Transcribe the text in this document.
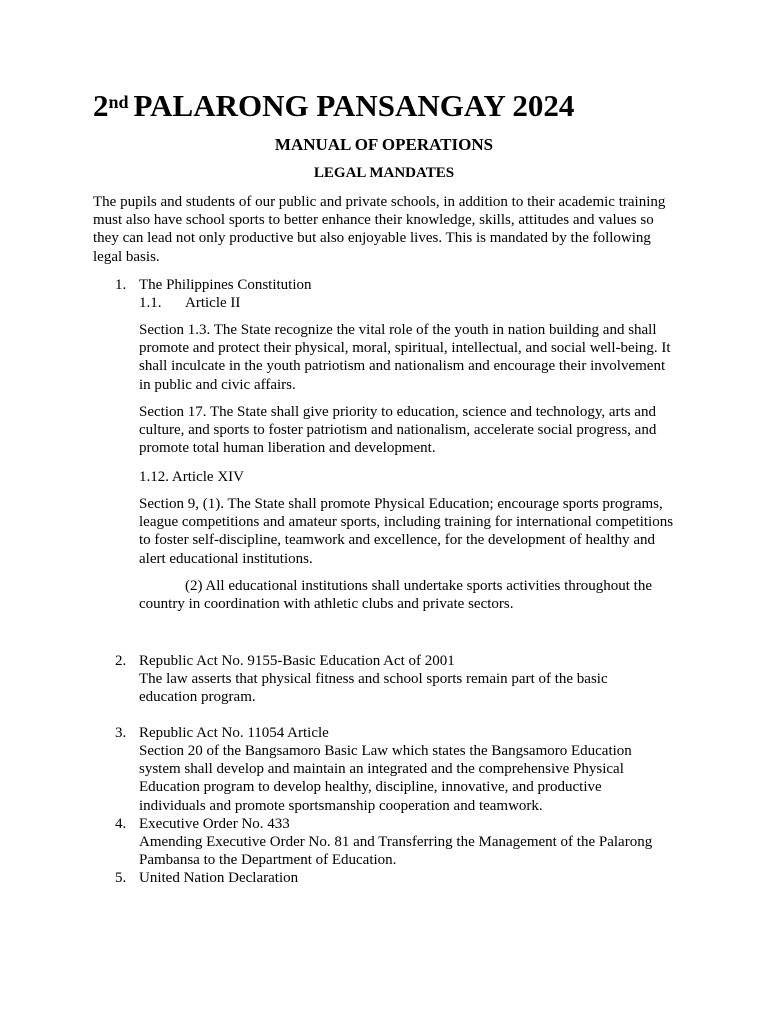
2nd PALARONG PANSANGAY 2024
MANUAL OF OPERATIONS
LEGAL MANDATES
The pupils and students of our public and private schools, in addition to their academic training must also have school sports to better enhance their knowledge, skills, attitudes and values so they can lead not only productive but also enjoyable lives. This is mandated by the following legal basis.
1. The Philippines Constitution
1.1. Article II
Section 1.3. The State recognize the vital role of the youth in nation building and shall promote and protect their physical, moral, spiritual, intellectual, and social well-being. It shall inculcate in the youth patriotism and nationalism and encourage their involvement in public and civic affairs.
Section 17. The State shall give priority to education, science and technology, arts and culture, and sports to foster patriotism and nationalism, accelerate social progress, and promote total human liberation and development.
1.12. Article XIV
Section 9, (1). The State shall promote Physical Education; encourage sports programs, league competitions and amateur sports, including training for international competitions to foster self-discipline, teamwork and excellence, for the development of healthy and alert educational institutions.
(2) All educational institutions shall undertake sports activities throughout the country in coordination with athletic clubs and private sectors.
2. Republic Act No. 9155-Basic Education Act of 2001
The law asserts that physical fitness and school sports remain part of the basic education program.
3. Republic Act No. 11054 Article
Section 20 of the Bangsamoro Basic Law which states the Bangsamoro Education system shall develop and maintain an integrated and the comprehensive Physical Education program to develop healthy, discipline, innovative, and productive individuals and promote sportsmanship cooperation and teamwork.
4. Executive Order No. 433
Amending Executive Order No. 81 and Transferring the Management of the Palarong Pambansa to the Department of Education.
5. United Nation Declaration
